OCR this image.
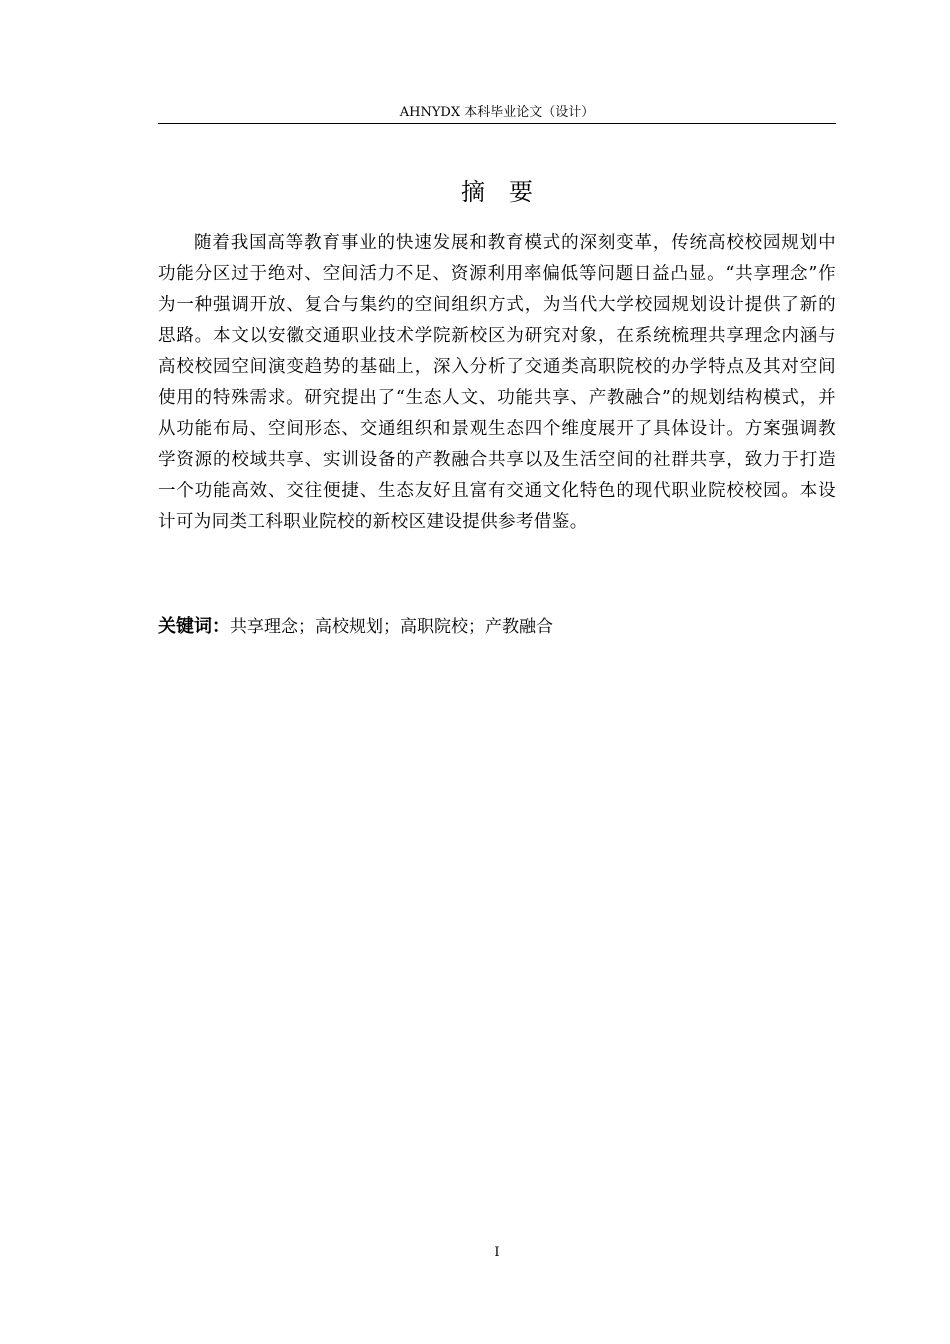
AHNYDX 本科毕业论文（设计）
摘要

随着我国高等教育事业的快速发展和教育模式的深刻变革，传统高校校园规划中功能分区过于绝对、空间活力不足、资源利用率偏低等问题日益凸显。“共享理念”作为一种强调开放、复合与集约的空间组织方式，为当代大学校园规划设计提供了新的思路。本文以安徽交通职业技术学院新校区为研究对象，在系统梳理共享理念内涵与高校校园空间演变趋势的基础上，深入分析了交通类高职院校的办学特点及其对空间使用的特殊需求。研究提出了“生态人文、功能共享、产教融合”的规划结构模式，并从功能布局、空间形态、交通组织和景观生态四个维度展开了具体设计。方案强调教学资源的校域共享、实训设备的产教融合共享以及生活空间的社群共享，致力于打造一个功能高效、交往便捷、生态友好且富有交通文化特色的现代职业院校校园。本设计可为同类工科职业院校的新校区建设提供参考借鉴。

关键词：共享理念；高校规划；高职院校；产教融合
I
